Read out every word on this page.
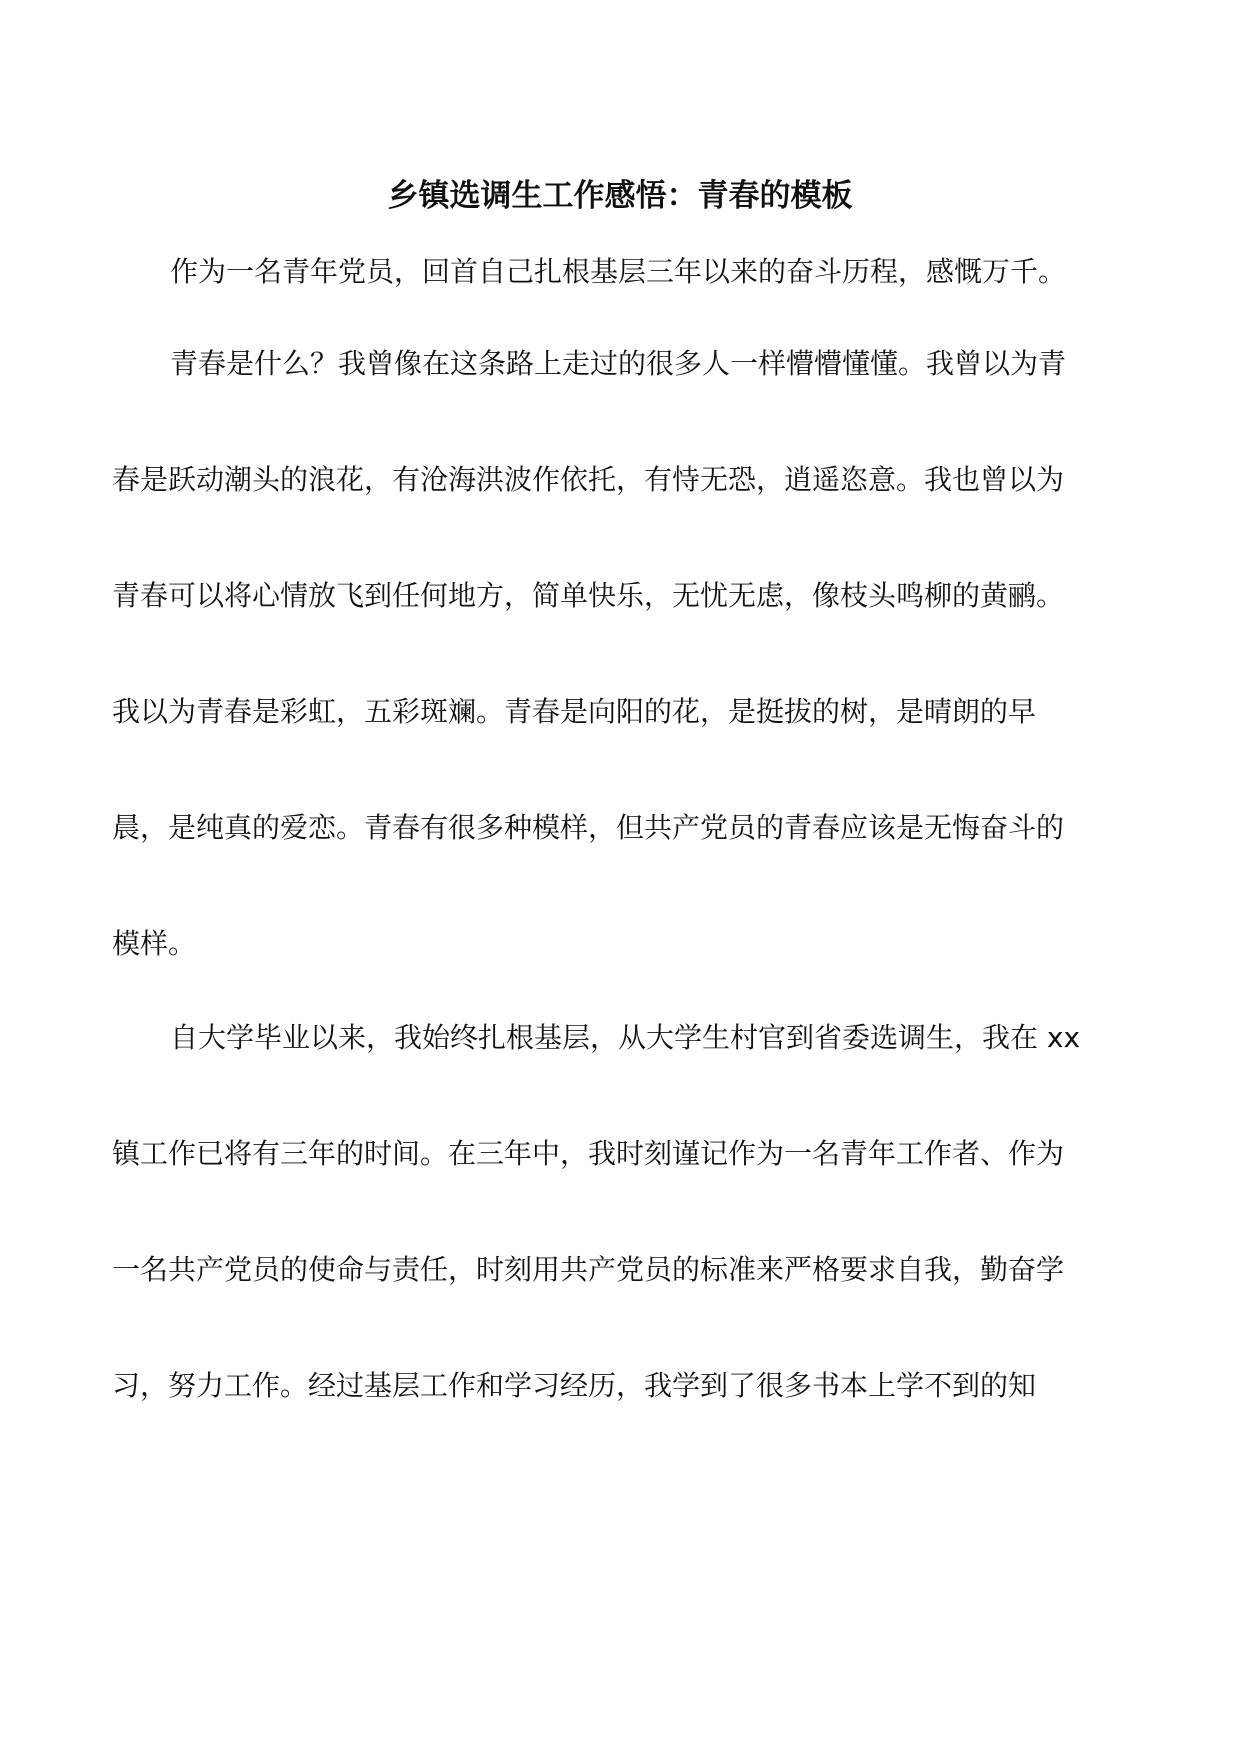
乡镇选调生工作感悟：青春的模板

作为一名青年党员，回首自己扎根基层三年以来的奋斗历程，感慨万千。

青春是什么？我曾像在这条路上走过的很多人一样懵懵懂懂。我曾以为青

春是跃动潮头的浪花，有沧海洪波作依托，有恃无恐，逍遥恣意。我也曾以为

青春可以将心情放飞到任何地方，简单快乐，无忧无虑，像枝头鸣柳的黄鹂。

我以为青春是彩虹，五彩斑斓。青春是向阳的花，是挺拔的树，是晴朗的早

晨，是纯真的爱恋。青春有很多种模样，但共产党员的青春应该是无悔奋斗的

模样。

自大学毕业以来，我始终扎根基层，从大学生村官到省委选调生，我在 xx

镇工作已将有三年的时间。在三年中，我时刻谨记作为一名青年工作者、作为

一名共产党员的使命与责任，时刻用共产党员的标准来严格要求自我，勤奋学

习，努力工作。经过基层工作和学习经历，我学到了很多书本上学不到的知
